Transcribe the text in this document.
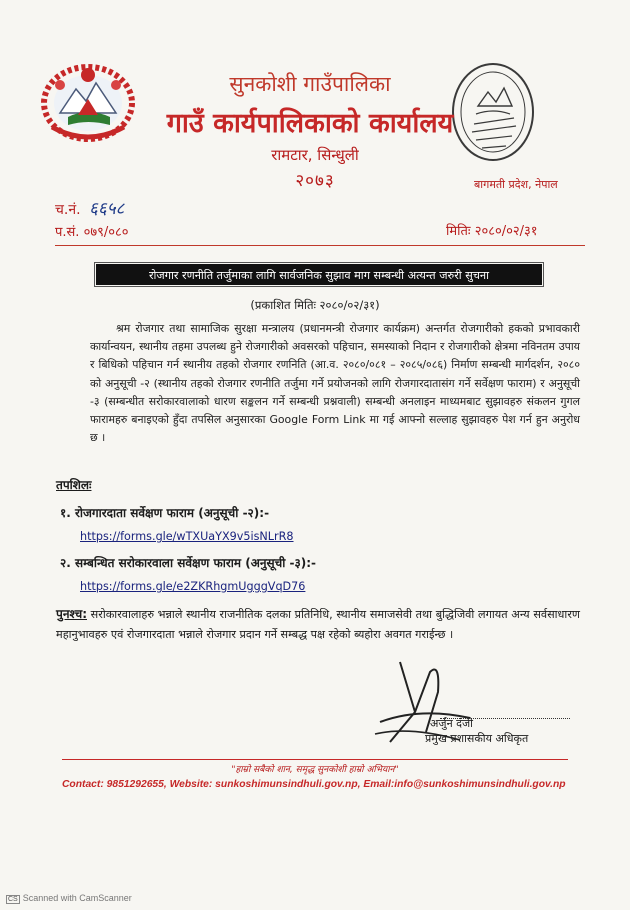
सुनकोशी गाउँपालिका
गाउँ कार्यपालिकाको कार्यालय
रामटार, सिन्धुली
२०७३	बागमती प्रदेश, नेपाल
च.नं. ६६५८
प.सं. ०७९/०८०	मितिः २०८०/०२/३१
रोजगार रणनीति तर्जुमाका लागि सार्वजनिक सुझाव माग सम्बन्धी अत्यन्त जरुरी सुचना
(प्रकाशित मितिः २०८०/०२/३१)
श्रम रोजगार तथा सामाजिक सुरक्षा मन्त्रालय (प्रधानमन्त्री रोजगार कार्यक्रम) अन्तर्गत रोजगारीको हकको प्रभावकारी कार्यान्वयन, स्थानीय तहमा उपलब्ध हुने रोजगारीको अवसरको पहिचान, समस्याको निदान र रोजगारीको क्षेत्रमा नविनतम उपाय र बिधिको पहिचान गर्न स्थानीय तहको रोजगार रणनिति (आ.व. २०८०/०८१ – २०८५/०८६) निर्माण सम्बन्धी मार्गदर्शन, २०८० को अनुसूची -२ (स्थानीय तहको रोजगार रणनीति तर्जुमा गर्ने प्रयोजनको लागि रोजगारदातासंग गर्ने सर्वेक्षण फाराम) र अनुसूची -३ (सम्बन्धीत सरोकारवालाको धारण सङ्कलन गर्ने सम्बन्धी प्रश्नवाली) सम्बन्धी अनलाइन माध्यमबाट सुझावहरु संकलन गुगल फारामहरु बनाइएको हुँदा तपसिल अनुसारका Google Form Link मा गई आफ्नो सल्लाह सुझावहरु पेश गर्न हुन अनुरोध छ ।
तपशिलः
१. रोजगारदाता सर्वेक्षण फाराम (अनुसूची -२):-
https://forms.gle/wTXUaYX9v5isNLrR8
२. सम्बन्धित सरोकारवाला सर्वेक्षण फाराम (अनुसूची -३):-
https://forms.gle/e2ZKRhgmUgggVqD76
पुनश्च: सरोकारवालाहरु भन्नाले स्थानीय राजनीतिक दलका प्रतिनिधि, स्थानीय समाजसेवी तथा बुद्धिजिवी लगायत अन्य सर्वसाधारण महानुभावहरु एवं रोजगारदाता भन्नाले रोजगार प्रदान गर्ने सम्बद्ध पक्ष रहेको ब्यहोरा अवगत गराईन्छ ।
अर्जुन दंजी
प्रमुख प्रशासकीय अधिकृत
"हाम्रो सबैको शान, समृद्ध सुनकोशी हाम्रो अभियान"
Contact: 9851292655, Website: sunkoshimunsindhuli.gov.np, Email:info@sunkoshimunsindhuli.gov.np
CS Scanned with CamScanner
